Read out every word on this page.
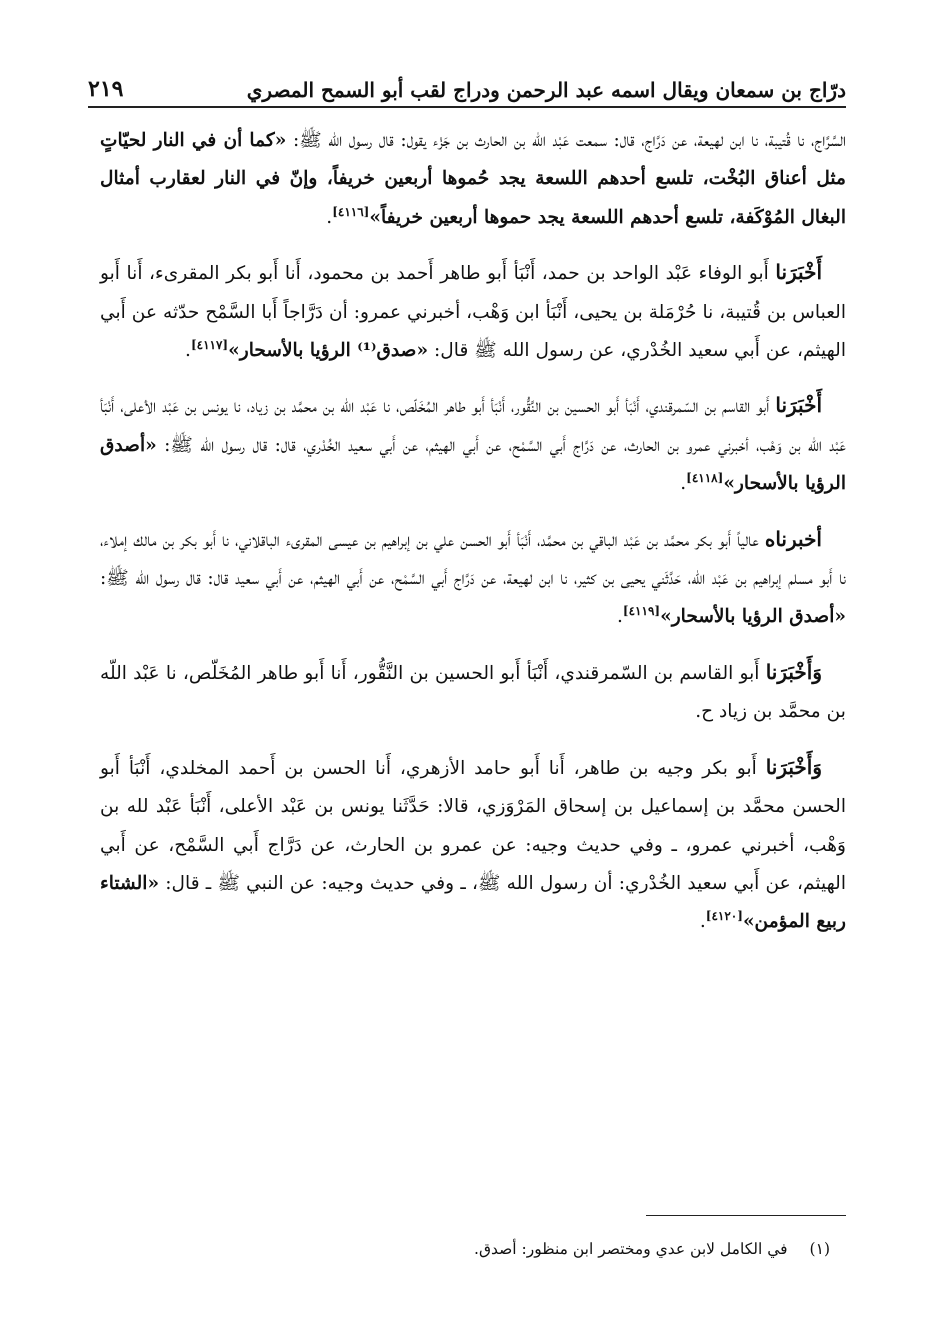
درّاج بن سمعان ويقال اسمه عبد الرحمن ودراج لقب أبو السمح المصري
٢١٩

السَّرَّاج، نا قُتيبة، نا ابن لهيعة، عن دَرَّاج، قال: سمعت عَبْد اللّه بن الحارث بن جَزْء يقول: قال رسول الله ﷺ: «كما أن في النار لحيّاتٍ مثل أعناق البُخْت، تلسع أحدهم اللسعة يجد حُموها أربعين خريفاً، وإنّ في النار لعقارب أمثال البغال المُوْكَفة، تلسع أحدهم اللسعة يجد حموها أربعين خريفاً»[٤١١٦].

أَخْبَرَنا أَبو الوفاء عَبْد الواحد بن حمد، أَنْبَأ أَبو طاهر أَحمد بن محمود، أَنا أَبو بكر المقرىء، أَنا أَبو العباس بن قُتيبة، نا حُرْمَلة بن يحيى، أَنْبَأ ابن وَهْب، أخبرني عمرو: أن دَرَّاجاً أَبا السَّمْح حدّثه عن أَبي الهيثم، عن أَبي سعيد الخُدْري، عن رسول الله ﷺ قال: «صدق⁽¹⁾ الرؤيا بالأسحار»[٤١١٧].

أَخْبَرَنا أَبو القاسم بن السّمرقندي، أَنْبَأ أَبو الحسين بن النَّقُّور، أَنْبَأ أَبو طاهر المُخَلّص، نا عَبْد اللّه بن محمَّد بن زياد، نا يونس بن عَبْد الأعلى، أَنْبَأ عَبْد اللّه بن وَهْب، أخبرني عمرو بن الحارث، عن دَرَّاج أَبي السَّمْح، عن أَبي الهيثم، عن أَبي سعيد الخُدْري، قال: قال رسول الله ﷺ: «أصدق الرؤيا بالأسحار»[٤١١٨].

أخبرناه عالياً أَبو بكر محمَّد بن عَبْد الباقي بن محمَّد، أَنْبَأ أَبو الحسن علي بن إبراهيم بن عيسى المقرىء الباقلاني، نا أَبو بكر بن مالك إملاء، نا أَبو مسلم إبراهيم بن عَبْد اللّه، حَدَّثَني يحيى بن كثير، نا ابن لهيعة، عن دَرَّاج أَبي السَّمْح، عن أَبي الهيثم، عن أَبي سعيد قال: قال رسول الله ﷺ: «أصدق الرؤيا بالأسحار»[٤١١٩].

وَأَخْبَرَنا أَبو القاسم بن السّمرقندي، أَنْبَأ أَبو الحسين بن النَّقُّور، أَنا أَبو طاهر المُخَلّص، نا عَبْد اللّه بن محمَّد بن زياد ح.

وَأَخْبَرَنا أَبو بكر وجيه بن طاهر، أَنا أَبو حامد الأزهري، أَنا الحسن بن أَحمد المخلدي، أَنْبَأ أَبو الحسن محمَّد بن إسماعيل بن إسحاق المَرْوَزي، قالا: حَدَّثَنا يونس بن عَبْد الأعلى، أَنْبَأ عَبْد لله بن وَهْب، أخبرني عمرو، ـ وفي حديث وجيه: عن عمرو بن الحارث، عن دَرَّاج أَبي السَّمْح، عن أَبي الهيثم، عن أَبي سعيد الخُدْري: أن رسول الله ﷺ، ـ وفي حديث وجيه: عن النبي ﷺ ـ قال: «الشتاء ربيع المؤمن»[٤١٢٠].

(١)في الكامل لابن عدي ومختصر ابن منظور: أصدق.
